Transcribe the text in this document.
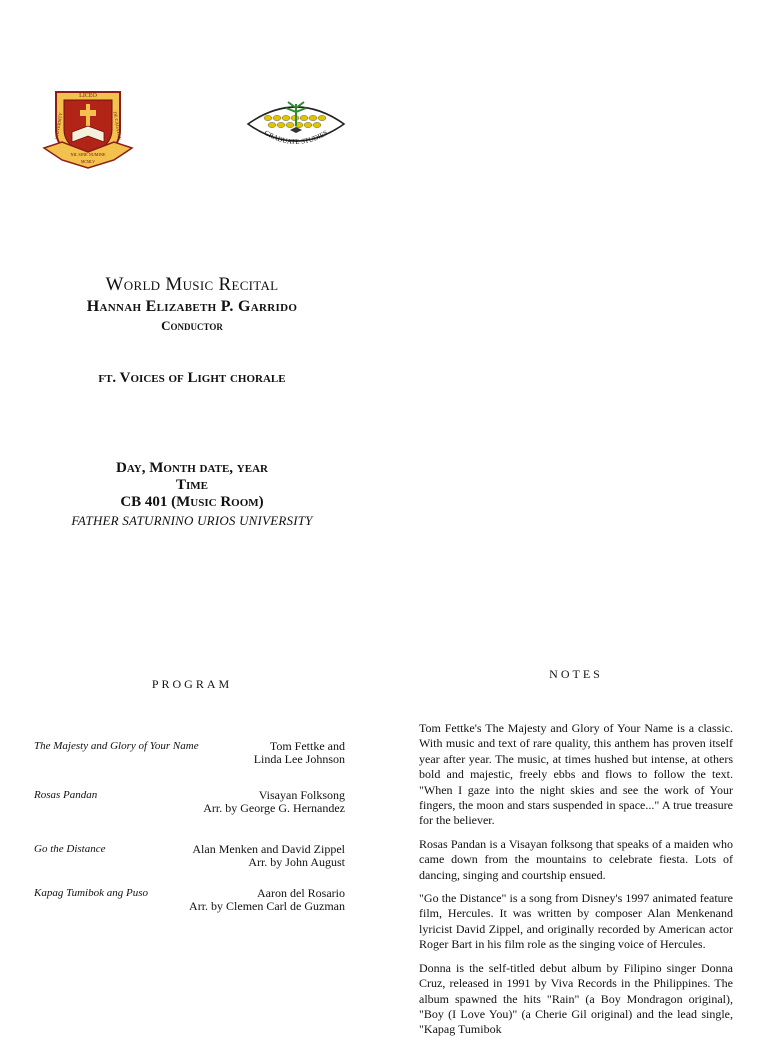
LICEO
UNIVERSITY	DE CAGAYAN
NIL SINE NUMINE
MCMLV
GRADUATE STUDIES
World Music Recital
Hannah Elizabeth P. Garrido
Conductor
ft. Voices of Light chorale
Day, Month date, year
Time
CB 401 (Music Room)
FATHER SATURNINO URIOS UNIVERSITY
PROGRAM
The Majesty and Glory of Your Name	Tom Fettke and
Linda Lee Johnson
Rosas Pandan	Visayan Folksong
Arr. by George G. Hernandez
Go the Distance	Alan Menken and David Zippel
Arr. by John August
Kapag Tumibok ang Puso	Aaron del Rosario
Arr. by Clemen Carl de Guzman
NOTES

Tom Fettke's The Majesty and Glory of Your Name is a classic. With music and text of rare quality, this anthem has proven itself year after year. The music, at times hushed but intense, at others bold and majestic, freely ebbs and flows to follow the text. "When I gaze into the night skies and see the work of Your fingers, the moon and stars suspended in space..." A true treasure for the believer.

Rosas Pandan is a Visayan folksong that speaks of a maiden who came down from the mountains to celebrate fiesta. Lots of dancing, singing and courtship ensued.

"Go the Distance" is a song from Disney's 1997 animated feature film, Hercules. It was written by composer Alan Menkenand lyricist David Zippel, and originally recorded by American actor Roger Bart in his film role as the singing voice of Hercules.

Donna is the self-titled debut album by Filipino singer Donna Cruz, released in 1991 by Viva Records in the Philippines. The album spawned the hits "Rain" (a Boy Mondragon original), "Boy (I Love You)" (a Cherie Gil original) and the lead single, "Kapag Tumibok
